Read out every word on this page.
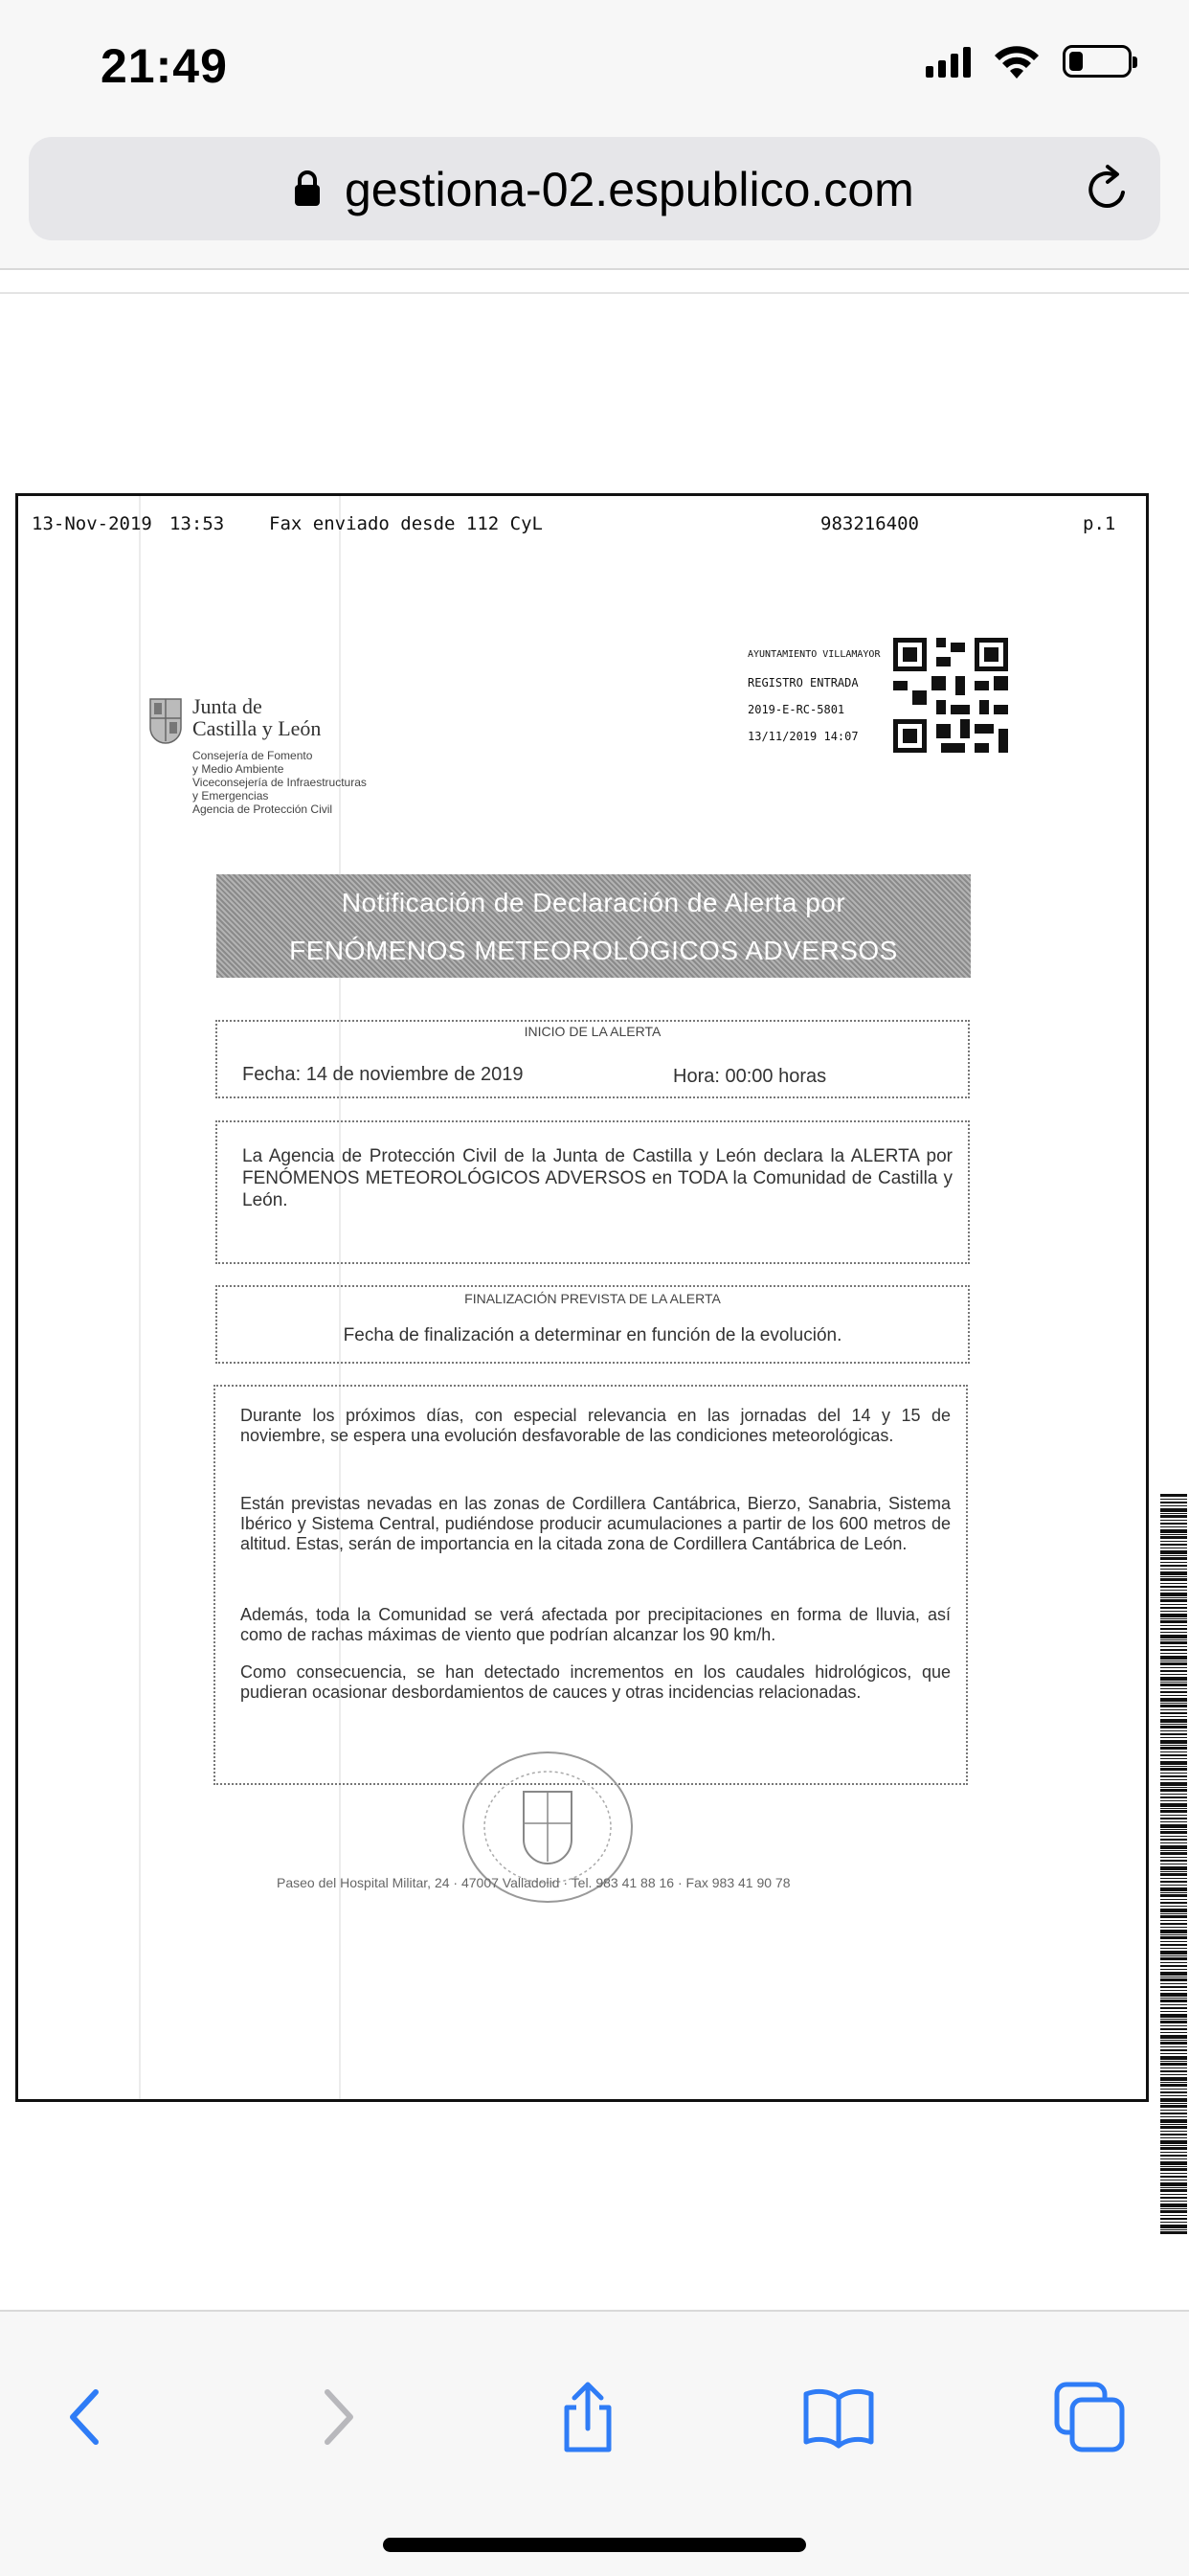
21:49
gestiona-02.espublico.com
13-Nov-2019 13:53 Fax enviado desde 112 CyL	983216400	p.1
Junta de
Castilla y León
Consejería de Fomento
y Medio Ambiente
Viceconsejería de Infraestructuras
y Emergencias
Agencia de Protección Civil
AYUNTAMIENTO VILLAMAYOR
REGISTRO ENTRADA
2019-E-RC-5801
13/11/2019 14:07
Notificación de Declaración de Alerta por
FENÓMENOS METEOROLÓGICOS ADVERSOS
INICIO DE LA ALERTA
Fecha: 14 de noviembre de 2019	Hora: 00:00 horas
La Agencia de Protección Civil de la Junta de Castilla y León declara la ALERTA por FENÓMENOS METEOROLÓGICOS ADVERSOS en TODA la Comunidad de Castilla y León.
FINALIZACIÓN PREVISTA DE LA ALERTA
Fecha de finalización a determinar en función de la evolución.
Durante los próximos días, con especial relevancia en las jornadas del 14 y 15 de noviembre, se espera una evolución desfavorable de las condiciones meteorológicas.
Están previstas nevadas en las zonas de Cordillera Cantábrica, Bierzo, Sanabria, Sistema Ibérico y Sistema Central, pudiéndose producir acumulaciones a partir de los 600 metros de altitud. Estas, serán de importancia en la citada zona de Cordillera Cantábrica de León.
Además, toda la Comunidad se verá afectada por precipitaciones en forma de lluvia, así como de rachas máximas de viento que podrían alcanzar los 90 km/h.
Como consecuencia, se han detectado incrementos en los caudales hidrológicos, que pudieran ocasionar desbordamientos de cauces y otras incidencias relacionadas.
Paseo del Hospital Militar, 24 · 47007 Valladolid · Tel. 983 41 88 16 · Fax 983 41 90 78
